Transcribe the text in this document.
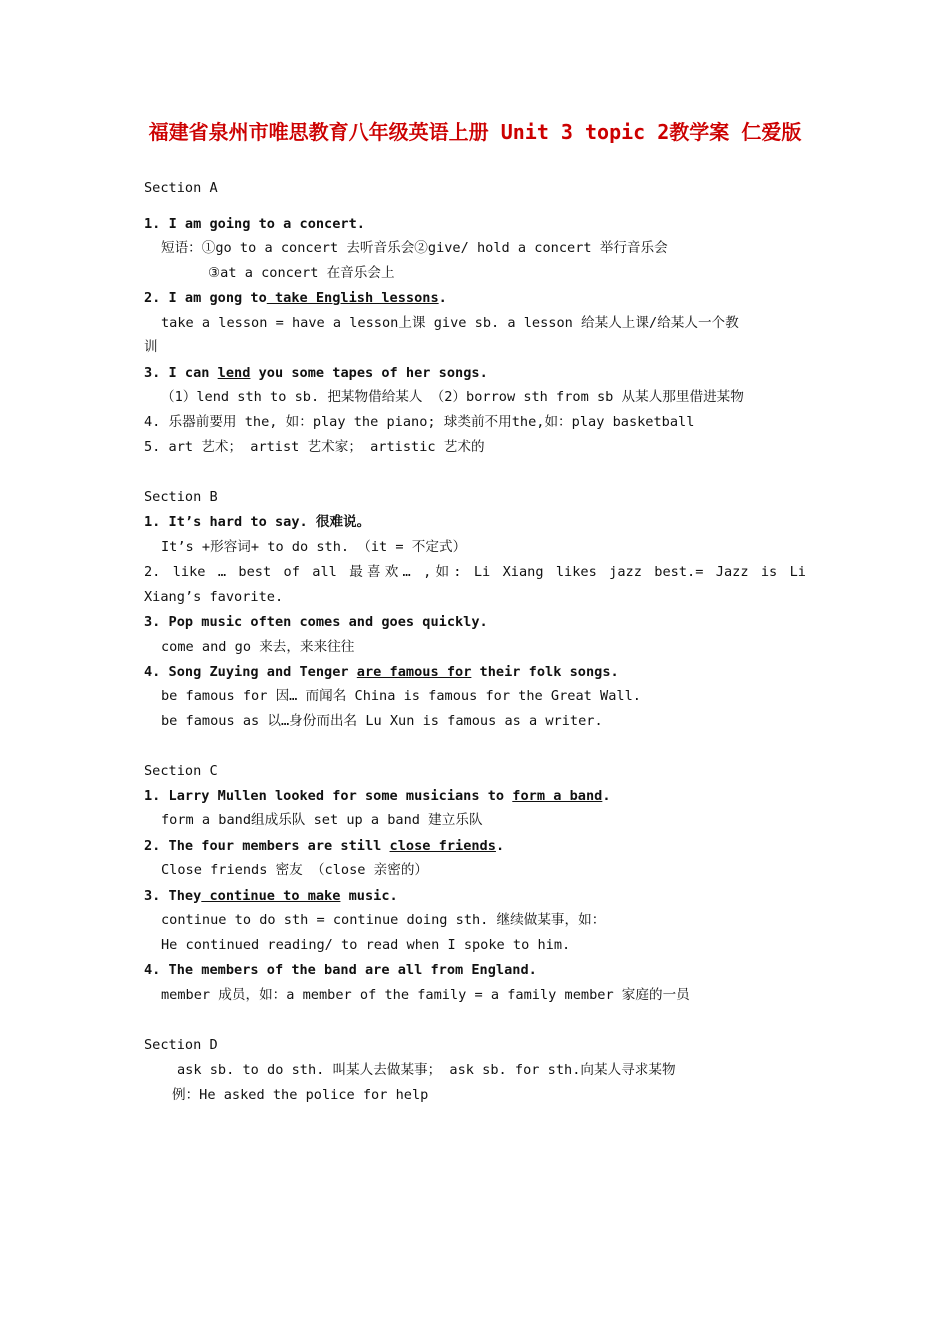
福建省泉州市唯思教育八年级英语上册 Unit 3 topic 2教学案 仁爱版
Section A
1. I am going to a concert.
短语：①go to a concert 去听音乐会②give/ hold a concert 举行音乐会
③at a concert 在音乐会上
2. I am gong to take English lessons.
take a lesson = have a lesson上课 give sb. a lesson 给某人上课/给某人一个教
训
3. I can lend you some tapes of her songs.
（1）lend sth to sb. 把某物借给某人 （2）borrow sth from sb 从某人那里借进某物
4. 乐器前要用 the, 如：play the piano; 球类前不用the,如：play basketball
5. art 艺术； artist 艺术家； artistic 艺术的
Section B
1. It’s hard to say. 很难说。
It’s +形容词+ to do sth. （it = 不定式）
2. like … best of all 最喜欢… ,如: Li Xiang likes jazz best.= Jazz is Li
Xiang’s favorite.
3. Pop music often comes and goes quickly.
come and go 来去，来来往往
4. Song Zuying and Tenger are famous for their folk songs.
be famous for 因… 而闻名 China is famous for the Great Wall.
be famous as 以…身份而出名 Lu Xun is famous as a writer.
Section C
1. Larry Mullen looked for some musicians to form a band.
form a band组成乐队 set up a band 建立乐队
2. The four members are still close friends.
Close friends 密友 （close 亲密的）
3. They continue to make music.
continue to do sth = continue doing sth. 继续做某事，如：
He continued reading/ to read when I spoke to him.
4. The members of the band are all from England.
member 成员，如：a member of the family = a family member 家庭的一员
Section D
ask sb. to do sth. 叫某人去做某事； ask sb. for sth.向某人寻求某物
例：He asked the police for help
